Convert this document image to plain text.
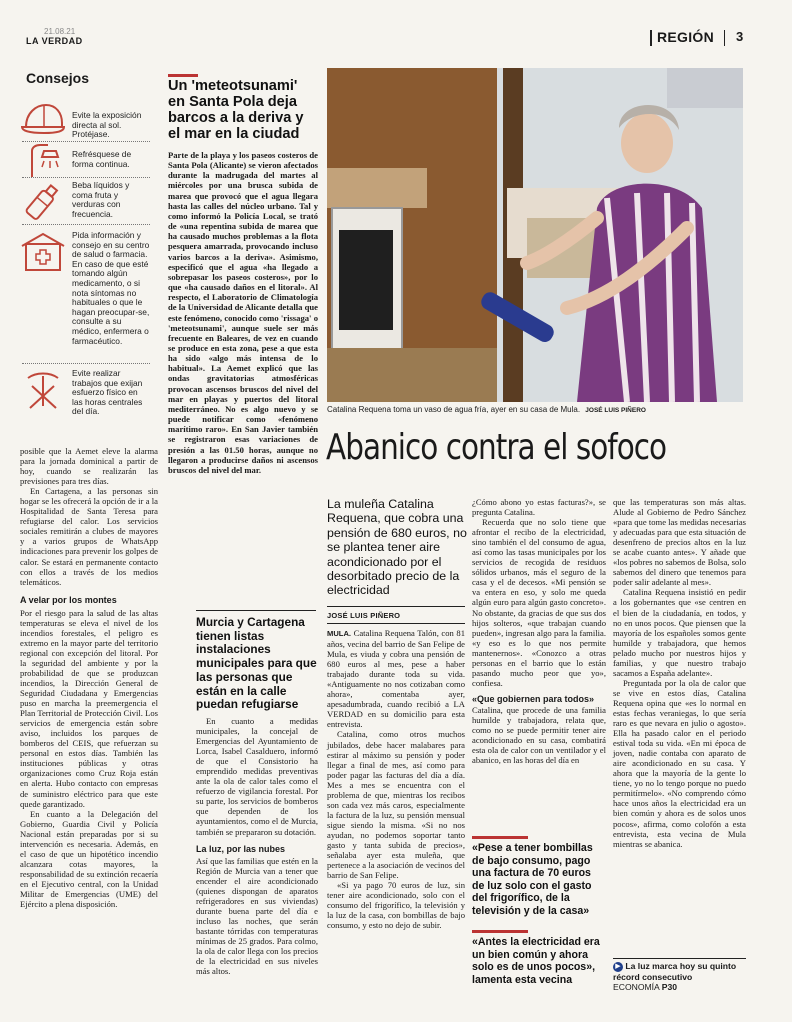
21.08.21
LA VERDAD	REGIÓN 3
Consejos
Evite la exposición directa al sol. Protéjase.
Refrésquese de forma continua.
Beba líquidos y coma fruta y verduras con frecuencia.
Pida información y consejo en su centro de salud o farmacia. En caso de que esté tomando algún medicamento, o si nota síntomas no habituales o que le hagan preocupar-se, consulte a su médico, enfermera o farmacéutico.
Evite realizar trabajos que exijan esfuerzo físico en las horas centrales del día.

posible que la Aemet eleve la alarma para la jornada dominical a partir de hoy, cuando se realizarán las previsiones para tres días.

En Cartagena, a las personas sin hogar se les ofrecerá la opción de ir a la Hospitalidad de Santa Teresa para refugiarse del calor. Los servicios sociales remitirán a clubes de mayores y a varios grupos de WhatsApp indicaciones para prevenir los golpes de calor. Se estará en permanente contacto con ellos a través de los medios telemáticos.

A velar por los montes

Por el riesgo para la salud de las altas temperaturas se eleva el nivel de los incendios forestales, el peligro es extremo en la mayor parte del territorio regional con excepción del litoral. Por la seguridad del ambiente y por la probabilidad de que se produzcan incendios, la Dirección General de Seguridad Ciudadana y Emergencias puso en marcha la preemergencia el Plan Territorial de Protección Civil. Los servicios de emergencia están sobre aviso, incluidos los parques de bomberos del CEIS, que refuerzan su personal en estos días. También las instituciones públicas y otras organizaciones como Cruz Roja están en alerta. Hubo contacto con empresas de suministro eléctrico para que este quede garantizado.

En cuanto a la Delegación del Gobierno, Guardia Civil y Policía Nacional están preparadas por si su intervención es necesaria. Además, en el caso de que un hipotético incendio alcanzara cotas mayores, la responsabilidad de su extinción recaería en el Ejecutivo central, con la Unidad Militar de Emergencias (UME) del Ejército a plena disposición.

Un 'meteotsunami' en Santa Pola deja barcos a la deriva y el mar en la ciudad

Parte de la playa y los paseos costeros de Santa Pola (Alicante) se vieron afectados durante la madrugada del martes al miércoles por una brusca subida de marea que provocó que el agua llegara hasta las calles del núcleo urbano. Tal y como informó la Policía Local, se trató de «una repentina subida de marea que ha causado muchos problemas a la flota pesquera amarrada, provocando incluso varios barcos a la deriva». Asimismo, especificó que el agua «ha llegado a sobrepasar los paseos costeros», por lo que «ha causado daños en el litoral». Al respecto, el Laboratorio de Climatología de la Universidad de Alicante detalla que este fenómeno, conocido como 'rissaga' o 'meteotsunami', aunque suele ser más frecuente en Baleares, de vez en cuando se produce en esta zona, pese a que esta ha sido «algo más intensa de lo habitual». La Aemet explicó que las ondas gravitatorias atmosféricas provocan ascensos bruscos del nivel del mar en playas y puertos del litoral mediterráneo. No es algo nuevo y se puede notificar como «fenómeno marítimo raro». En San Javier también se registraron esas variaciones de presión a las 01.50 horas, aunque no llegaron a producirse daños ni ascensos bruscos del nivel del mar.

Murcia y Cartagena tienen listas instalaciones municipales para que las personas que están en la calle puedan refugiarse

En cuanto a medidas municipales, la concejal de Emergencias del Ayuntamiento de Lorca, Isabel Casalduero, informó de que el Consistorio ha emprendido medidas preventivas ante la ola de calor tales como el refuerzo de vigilancia forestal. Por su parte, los servicios de bomberos que dependen de los ayuntamientos, como el de Murcia, también se prepararon su dotación.

La luz, por las nubes

Así que las familias que estén en la Región de Murcia van a tener que encender el aire acondicionado (quienes dispongan de aparatos refrigeradores en sus viviendas) durante buena parte del día e incluso las noches, que serán bastante tórridas con temperaturas mínimas de 25 grados. Para colmo, la ola de calor llega con los precios de la electricidad en sus niveles más altos.

Catalina Requena toma un vaso de agua fría, ayer en su casa de Mula. JOSÉ LUIS PIÑERO
Abanico contra el sofoco
La muleña Catalina Requena, que cobra una pensión de 680 euros, no se plantea tener aire acondicionado por el desorbitado precio de la electricidad
JOSÉ LUIS PIÑERO

MULA. Catalina Requena Talón, con 81 años, vecina del barrio de San Felipe de Mula, es viuda y cobra una pensión de 680 euros al mes, pese a haber trabajado durante toda su vida. «Antiguamente no nos cotizaban como ahora», comentaba ayer, apesadumbrada, cuando recibió a LA VERDAD en su domicilio para esta entrevista.

Catalina, como otros muchos jubilados, debe hacer malabares para estirar al máximo su pensión y poder llegar a final de mes, así como para poder pagar las facturas del día a día. Mes a mes se encuentra con el problema de que, mientras los recibos son cada vez más caros, especialmente la factura de la luz, su pensión mensual sigue siendo la misma. «Si no nos ayudan, no podemos soportar tanto gasto y tanta subida de precios», señalaba ayer esta muleña, que pertenece a la asociación de vecinos del barrio de San Felipe.

«Si ya pago 70 euros de luz, sin tener aire acondicionado, solo con el consumo del frigorífico, la televisión y la luz de la casa, con bombillas de bajo consumo, y esto no dejo de subir.

¿Cómo abono yo estas facturas?», se pregunta Catalina.

Recuerda que no solo tiene que afrontar el recibo de la electricidad, sino también el del consumo de agua, así como las tasas municipales por los servicios de recogida de residuos sólidos urbanos, más el seguro de la casa y el de decesos. «Mi pensión se va entera en eso, y solo me queda algún euro para algún gasto concreto». No obstante, da gracias de que sus dos hijos solteros, «que trabajan cuando pueden», ingresan algo para la familia. «y eso es lo que nos permite mantenernos». «Conozco a otras personas en el barrio que lo están pasando mucho peor que yo», confiesa.

«Que gobiernen para todos»

Catalina, que procede de una familia humilde y trabajadora, relata que, como no se puede permitir tener aire acondicionado en su casa, combatirá esta ola de calor con un ventilador y el abanico, en las horas del día en

«Pese a tener bombillas de bajo consumo, pago una factura de 70 euros de luz solo con el gasto del frigorífico, de la televisión y de la casa»
«Antes la electricidad era un bien común y ahora solo es de unos pocos», lamenta esta vecina

que las temperaturas son más altas. Alude al Gobierno de Pedro Sánchez «para que tome las medidas necesarias y adecuadas para que esta situación de desenfreno de precios altos en la luz se acabe cuanto antes». Y añade que «los pobres no sabemos de Bolsa, solo sabemos del dinero que tenemos para poder salir adelante al mes».

Catalina Requena insistió en pedir a los gobernantes que «se centren en el bien de la ciudadanía, en todos, y no en unos pocos. Que piensen que la mayoría de los españoles somos gente humilde y trabajadora, que hemos pelado mucho por nuestros hijos y familias, y que nuestro trabajo sacamos a España adelante».

Preguntada por la ola de calor que se vive en estos días, Catalina Requena opina que «es lo normal en estas fechas veraniegas, lo que sería raro es que nevara en julio o agosto». Ella ha pasado calor en el periodo estival toda su vida. «En mi época de joven, nadie contaba con aparato de aire acondicionado en su casa. Y ahora que la mayoría de la gente lo tiene, yo no lo tengo porque no puedo permitírmelo». «No comprendo cómo hace unos años la electricidad era un bien común y ahora es de solos unos pocos», afirma, como colofón a esta entrevista, esta vecina de Mula mientras se abanica.

▶ La luz marca hoy su quinto récord consecutivo
ECONOMÍA P30
